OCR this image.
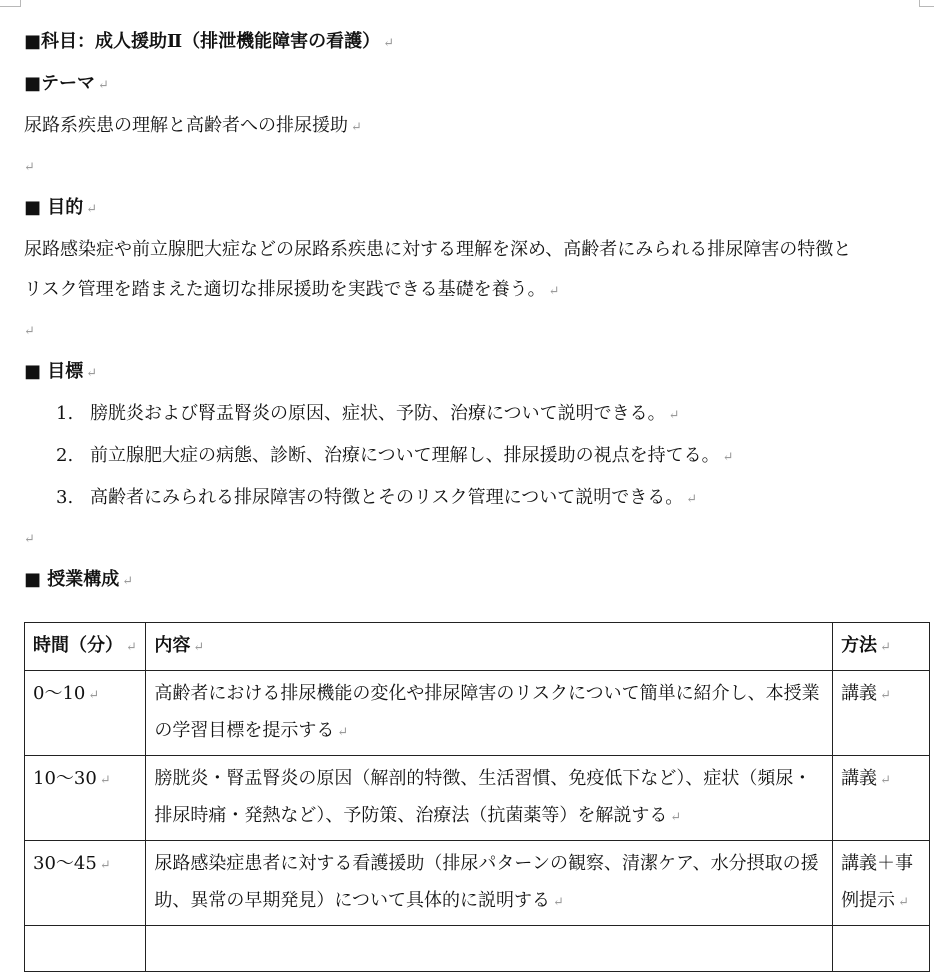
■科目：成人援助Ⅱ（排泄機能障害の看護） ↵
■テーマ ↵
尿路系疾患の理解と高齢者への排尿援助 ↵
↵
■ 目的 ↵
尿路感染症や前立腺肥大症などの尿路系疾患に対する理解を深め、高齢者にみられる排尿障害の特徴と
リスク管理を踏まえた適切な排尿援助を実践できる基礎を養う。 ↵
↵
■ 目標 ↵
1. 膀胱炎および腎盂腎炎の原因、症状、予防、治療について説明できる。 ↵
2. 前立腺肥大症の病態、診断、治療について理解し、排尿援助の視点を持てる。 ↵
3. 高齢者にみられる排尿障害の特徴とそのリスク管理について説明できる。 ↵
↵
■ 授業構成 ↵
時間（分） ↵	内容 ↵	方法 ↵
0～10 ↵	高齢者における排尿機能の変化や排尿障害のリスクについて簡単に紹介し、本授業の学習目標を提示する ↵	講義 ↵
10～30 ↵	膀胱炎・腎盂腎炎の原因（解剖的特徴、生活習慣、免疫低下など）、症状（頻尿・排尿時痛・発熱など）、予防策、治療法（抗菌薬等）を解説する ↵	講義 ↵
30～45 ↵	尿路感染症患者に対する看護援助（排尿パターンの観察、清潔ケア、水分摂取の援助、異常の早期発見）について具体的に説明する ↵	講義＋事例提示 ↵
